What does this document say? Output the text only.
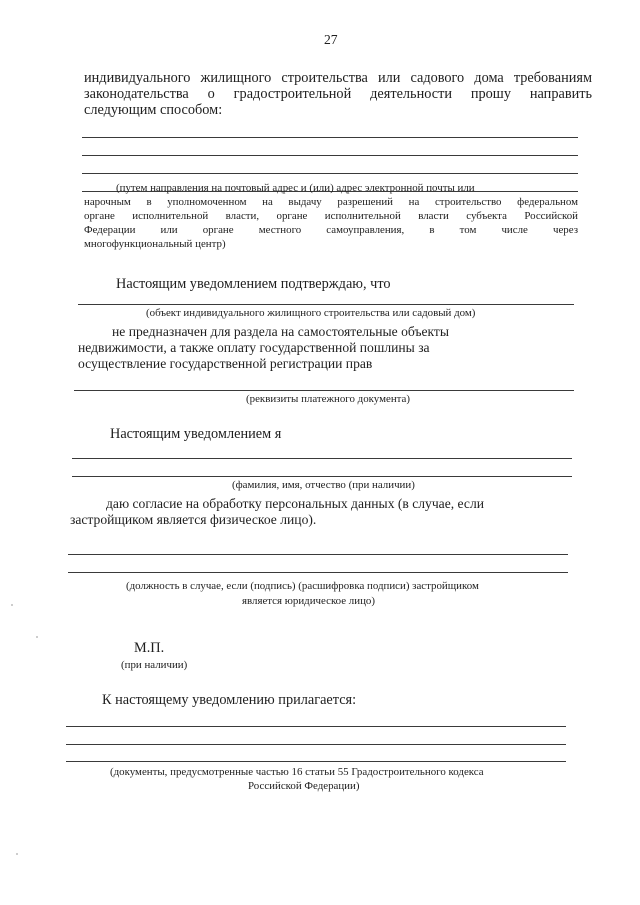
27
индивидуального жилищного строительства или садового дома требованиям
законодательства о градостроительной деятельности прошу направить
следующим способом:
(путем направления на почтовый адрес и (или) адрес электронной почты или
нарочным в уполномоченном на выдачу разрешений на строительство федеральном
органе исполнительной власти, органе исполнительной власти субъекта Российской
Федерации или органе местного самоуправления, в том числе через
многофункциональный центр)
Настоящим уведомлением подтверждаю, что
(объект индивидуального жилищного строительства или садовый дом)
не предназначен для раздела на самостоятельные объекты
недвижимости, а также оплату государственной пошлины за
осуществление государственной регистрации прав
(реквизиты платежного документа)
Настоящим уведомлением я
(фамилия, имя, отчество (при наличии)
даю согласие на обработку персональных данных (в случае, если
застройщиком является физическое лицо).
(должность в случае, если (подпись) (расшифровка подписи) застройщиком
является юридическое лицо)
М.П.
(при наличии)
К настоящему уведомлению прилагается:
(документы, предусмотренные частью 16 статьи 55 Градостроительного кодекса
Российской Федерации)
